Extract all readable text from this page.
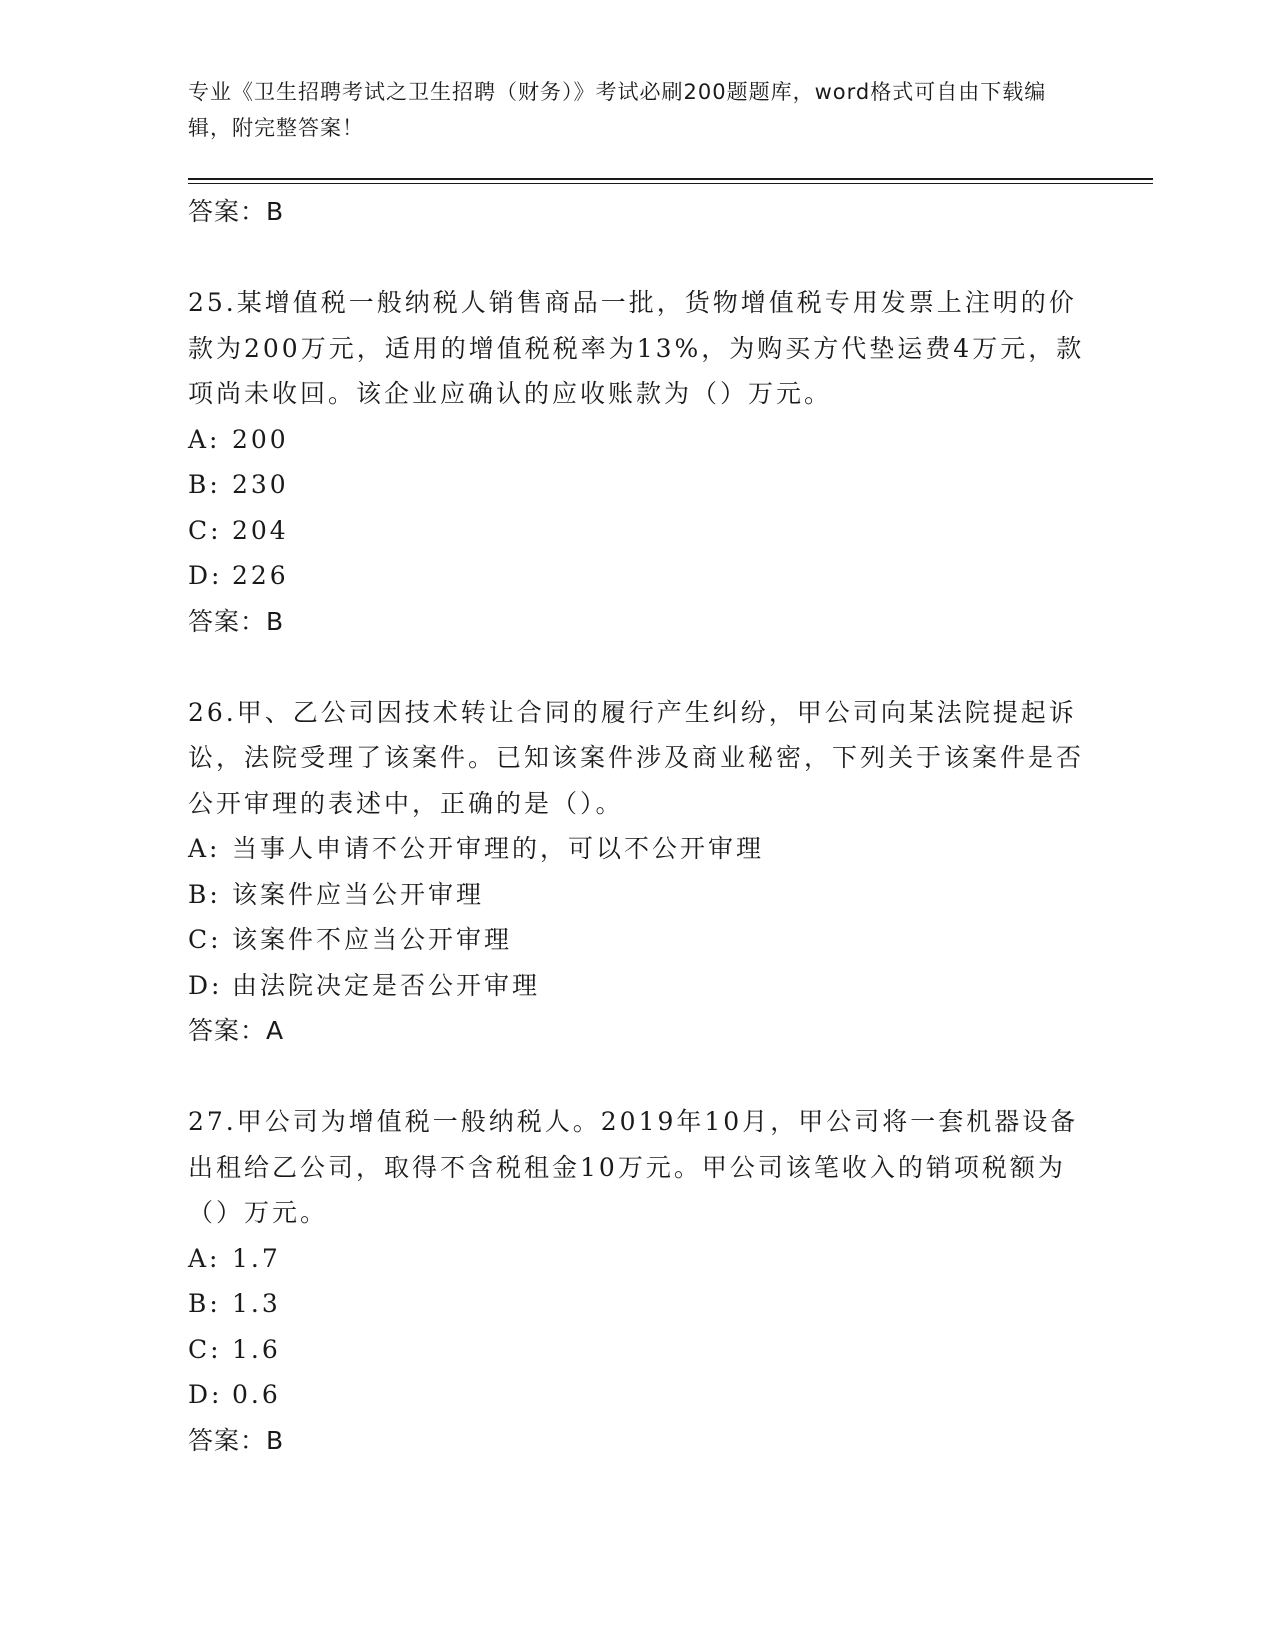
专业《卫生招聘考试之卫生招聘（财务）》考试必刷200题题库，word格式可自由下载编辑，附完整答案！
答案：B
25.某增值税一般纳税人销售商品一批，货物增值税专用发票上注明的价款为200万元，适用的增值税税率为13%，为购买方代垫运费4万元，款项尚未收回。该企业应确认的应收账款为（）万元。
A: 200
B: 230
C: 204
D: 226
答案：B
26.甲、乙公司因技术转让合同的履行产生纠纷，甲公司向某法院提起诉讼，法院受理了该案件。已知该案件涉及商业秘密，下列关于该案件是否公开审理的表述中，正确的是（）。
A: 当事人申请不公开审理的，可以不公开审理
B: 该案件应当公开审理
C: 该案件不应当公开审理
D: 由法院决定是否公开审理
答案：A
27.甲公司为增值税一般纳税人。2019年10月，甲公司将一套机器设备出租给乙公司，取得不含税租金10万元。甲公司该笔收入的销项税额为（）万元。
A: 1.7
B: 1.3
C: 1.6
D: 0.6
答案：B
